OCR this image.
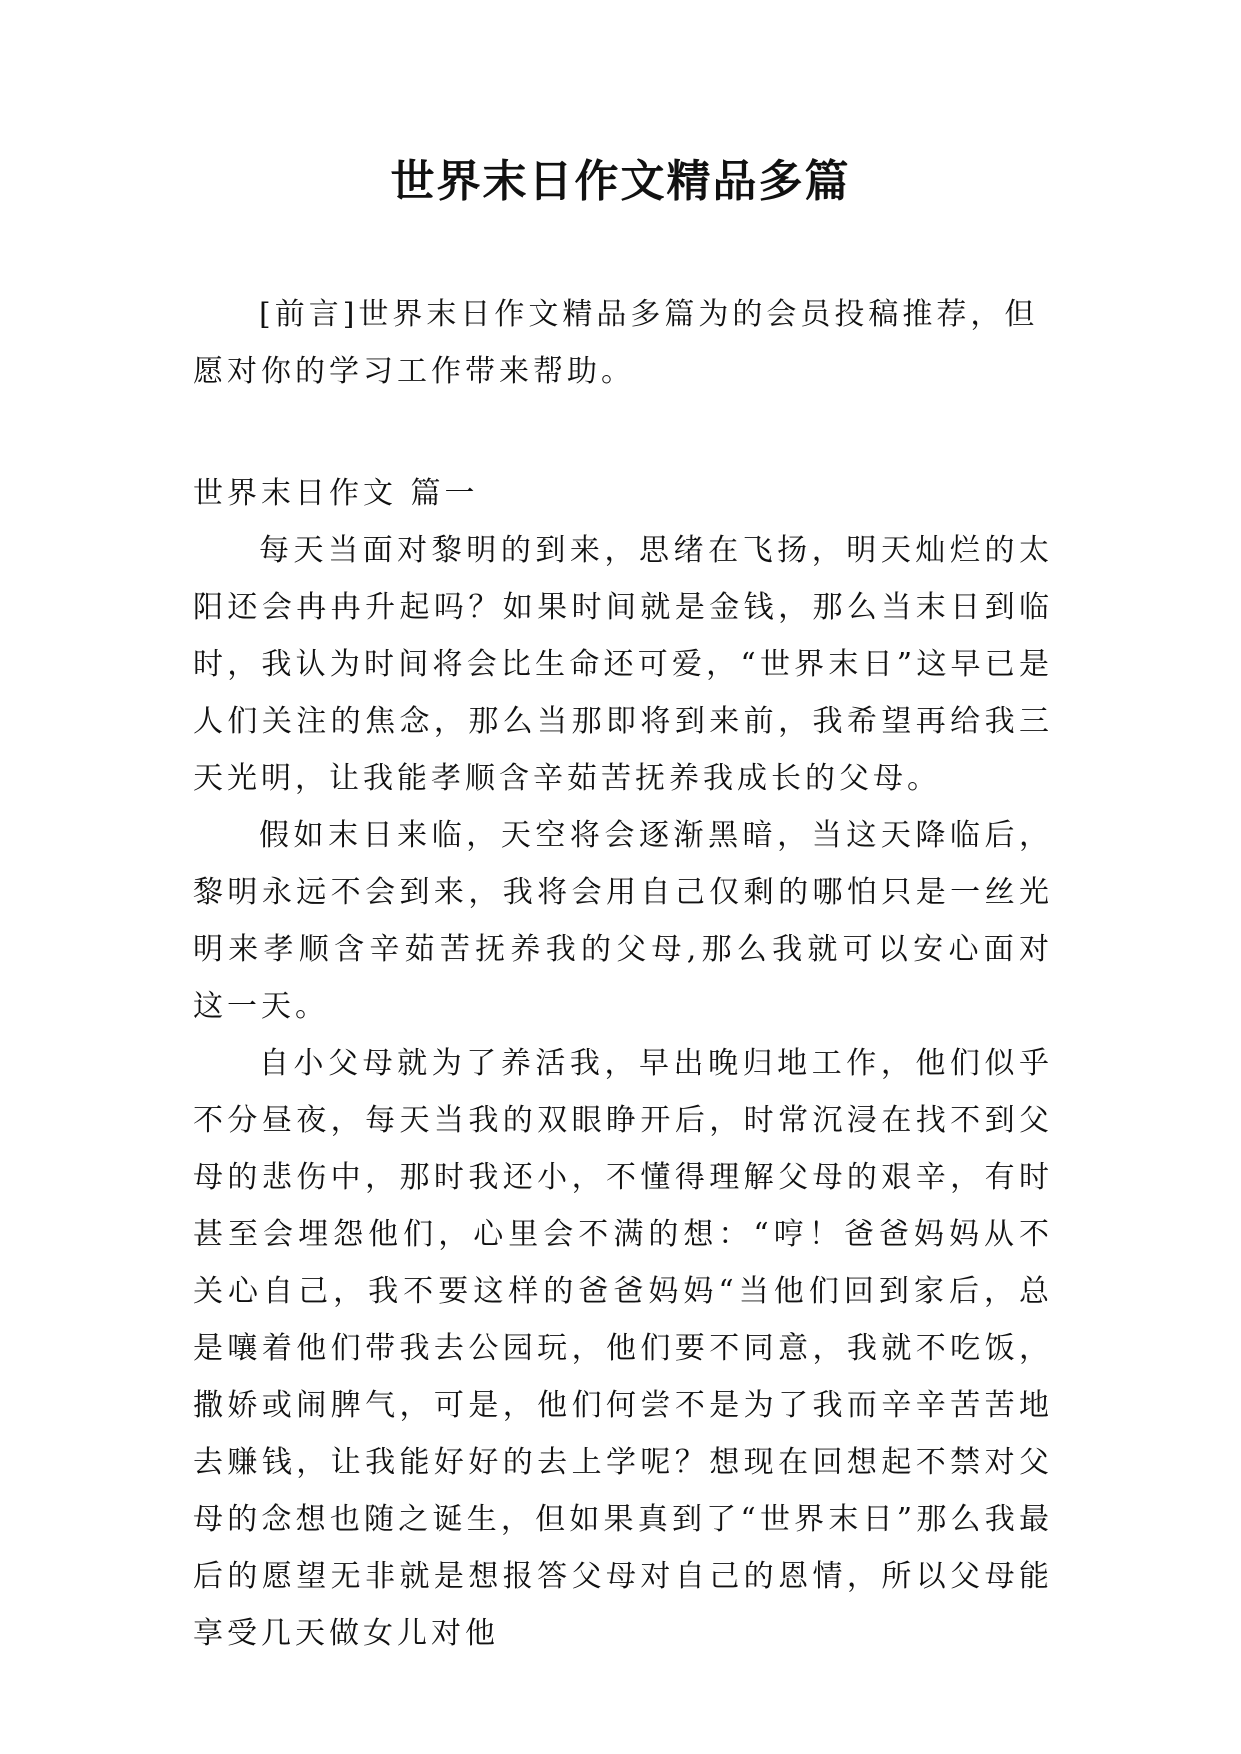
世界末日作文精品多篇

[前言]世界末日作文精品多篇为的会员投稿推荐，但愿对你的学习工作带来帮助。

世界末日作文 篇一

每天当面对黎明的到来，思绪在飞扬，明天灿烂的太阳还会冉冉升起吗？如果时间就是金钱，那么当末日到临时，我认为时间将会比生命还可爱，“世界末日”这早已是人们关注的焦念，那么当那即将到来前，我希望再给我三天光明，让我能孝顺含辛茹苦抚养我成长的父母。

假如末日来临，天空将会逐渐黑暗，当这天降临后，黎明永远不会到来，我将会用自己仅剩的哪怕只是一丝光明来孝顺含辛茹苦抚养我的父母,那么我就可以安心面对这一天。

自小父母就为了养活我，早出晚归地工作，他们似乎不分昼夜，每天当我的双眼睁开后，时常沉浸在找不到父母的悲伤中，那时我还小，不懂得理解父母的艰辛，有时甚至会埋怨他们，心里会不满的想：“哼！爸爸妈妈从不关心自己，我不要这样的爸爸妈妈“当他们回到家后，总是嚷着他们带我去公园玩，他们要不同意，我就不吃饭，撒娇或闹脾气，可是，他们何尝不是为了我而辛辛苦苦地去赚钱，让我能好好的去上学呢？想现在回想起不禁对父母的念想也随之诞生，但如果真到了“世界末日”那么我最后的愿望无非就是想报答父母对自己的恩情，所以父母能享受几天做女儿对他
